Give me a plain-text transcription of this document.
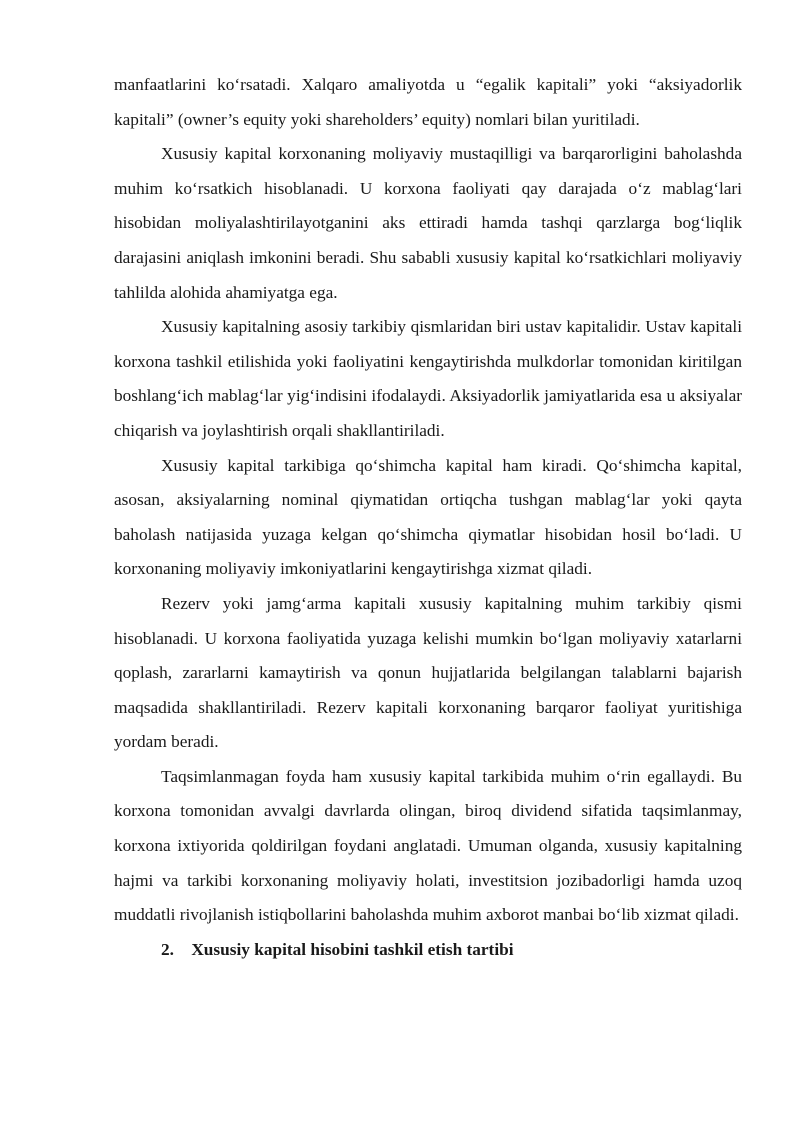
manfaatlarini ko‘rsatadi. Xalqaro amaliyotda u “egalik kapitali” yoki “aksiyadorlik kapitali” (owner’s equity yoki shareholders’ equity) nomlari bilan yuritiladi.

Xususiy kapital korxonaning moliyaviy mustaqilligi va barqarorligini baholashda muhim ko‘rsatkich hisoblanadi. U korxona faoliyati qay darajada o‘z mablag‘lari hisobidan moliyalashtirilayotganini aks ettiradi hamda tashqi qarzlarga bog‘liqlik darajasini aniqlash imkonini beradi. Shu sababli xususiy kapital ko‘rsatkichlari moliyaviy tahlilda alohida ahamiyatga ega.

Xususiy kapitalning asosiy tarkibiy qismlaridan biri ustav kapitalidir. Ustav kapitali korxona tashkil etilishida yoki faoliyatini kengaytirishda mulkdorlar tomonidan kiritilgan boshlang‘ich mablag‘lar yig‘indisini ifodalaydi. Aksiyadorlik jamiyatlarida esa u aksiyalar chiqarish va joylashtirish orqali shakllantiriladi.

Xususiy kapital tarkibiga qo‘shimcha kapital ham kiradi. Qo‘shimcha kapital, asosan, aksiyalarning nominal qiymatidan ortiqcha tushgan mablag‘lar yoki qayta baholash natijasida yuzaga kelgan qo‘shimcha qiymatlar hisobidan hosil bo‘ladi. U korxonaning moliyaviy imkoniyatlarini kengaytirishga xizmat qiladi.

Rezerv yoki jamg‘arma kapitali xususiy kapitalning muhim tarkibiy qismi hisoblanadi. U korxona faoliyatida yuzaga kelishi mumkin bo‘lgan moliyaviy xatarlarni qoplash, zararlarni kamaytirish va qonun hujjatlarida belgilangan talablarni bajarish maqsadida shakllantiriladi. Rezerv kapitali korxonaning barqaror faoliyat yuritishiga yordam beradi.

Taqsimlanmagan foyda ham xususiy kapital tarkibida muhim o‘rin egallaydi. Bu korxona tomonidan avvalgi davrlarda olingan, biroq dividend sifatida taqsimlanmay, korxona ixtiyorida qoldirilgan foydani anglatadi. Umuman olganda, xususiy kapitalning hajmi va tarkibi korxonaning moliyaviy holati, investitsion jozibadorligi hamda uzoq muddatli rivojlanish istiqbollarini baholashda muhim axborot manbai bo‘lib xizmat qiladi.

2. Xususiy kapital hisobini tashkil etish tartibi
